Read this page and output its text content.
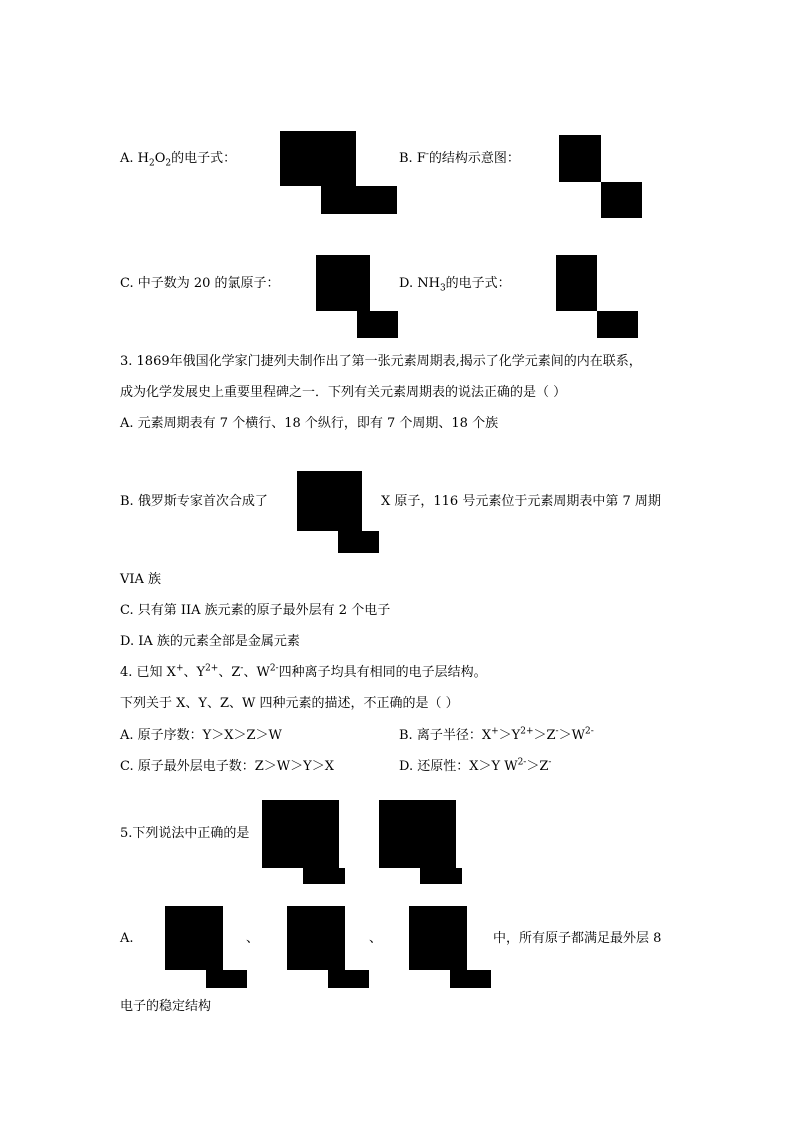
A. $H_2O_2$的电子式：	B. F-的结构示意图：
C. 中子数为 20 的氯原子：	D. $NH_3$的电子式：
3. 1869年俄国化学家门捷列夫制作出了第一张元素周期表,揭示了化学元素间的内在联系，
成为化学发展史上重要里程碑之一．下列有关元素周期表的说法正确的是（ ）
A. 元素周期表有 7 个横行、18 个纵行，即有 7 个周期、18 个族
B. 俄罗斯专家首次合成了	X 原子，116 号元素位于元素周期表中第 7 周期
VIA 族
C. 只有第 IIA 族元素的原子最外层有 2 个电子
D. IA 族的元素全部是金属元素
4. 已知 X+、$Y^{2+}$、Z-、$W^{2-}$四种离子均具有相同的电子层结构。
下列关于 X、Y、Z、W 四种元素的描述，不正确的是（ ）
A. 原子序数：Y＞X＞Z＞W	B. 离子半径：$X^+>Y^{2+}>Z^->W^{2-}$
C. 原子最外层电子数：Z＞W＞Y＞X	D. 还原性：X＞Y $W^{2-}>Z^-$
5.下列说法中正确的是
A.	、	、	中，所有原子都满足最外层 8
电子的稳定结构
